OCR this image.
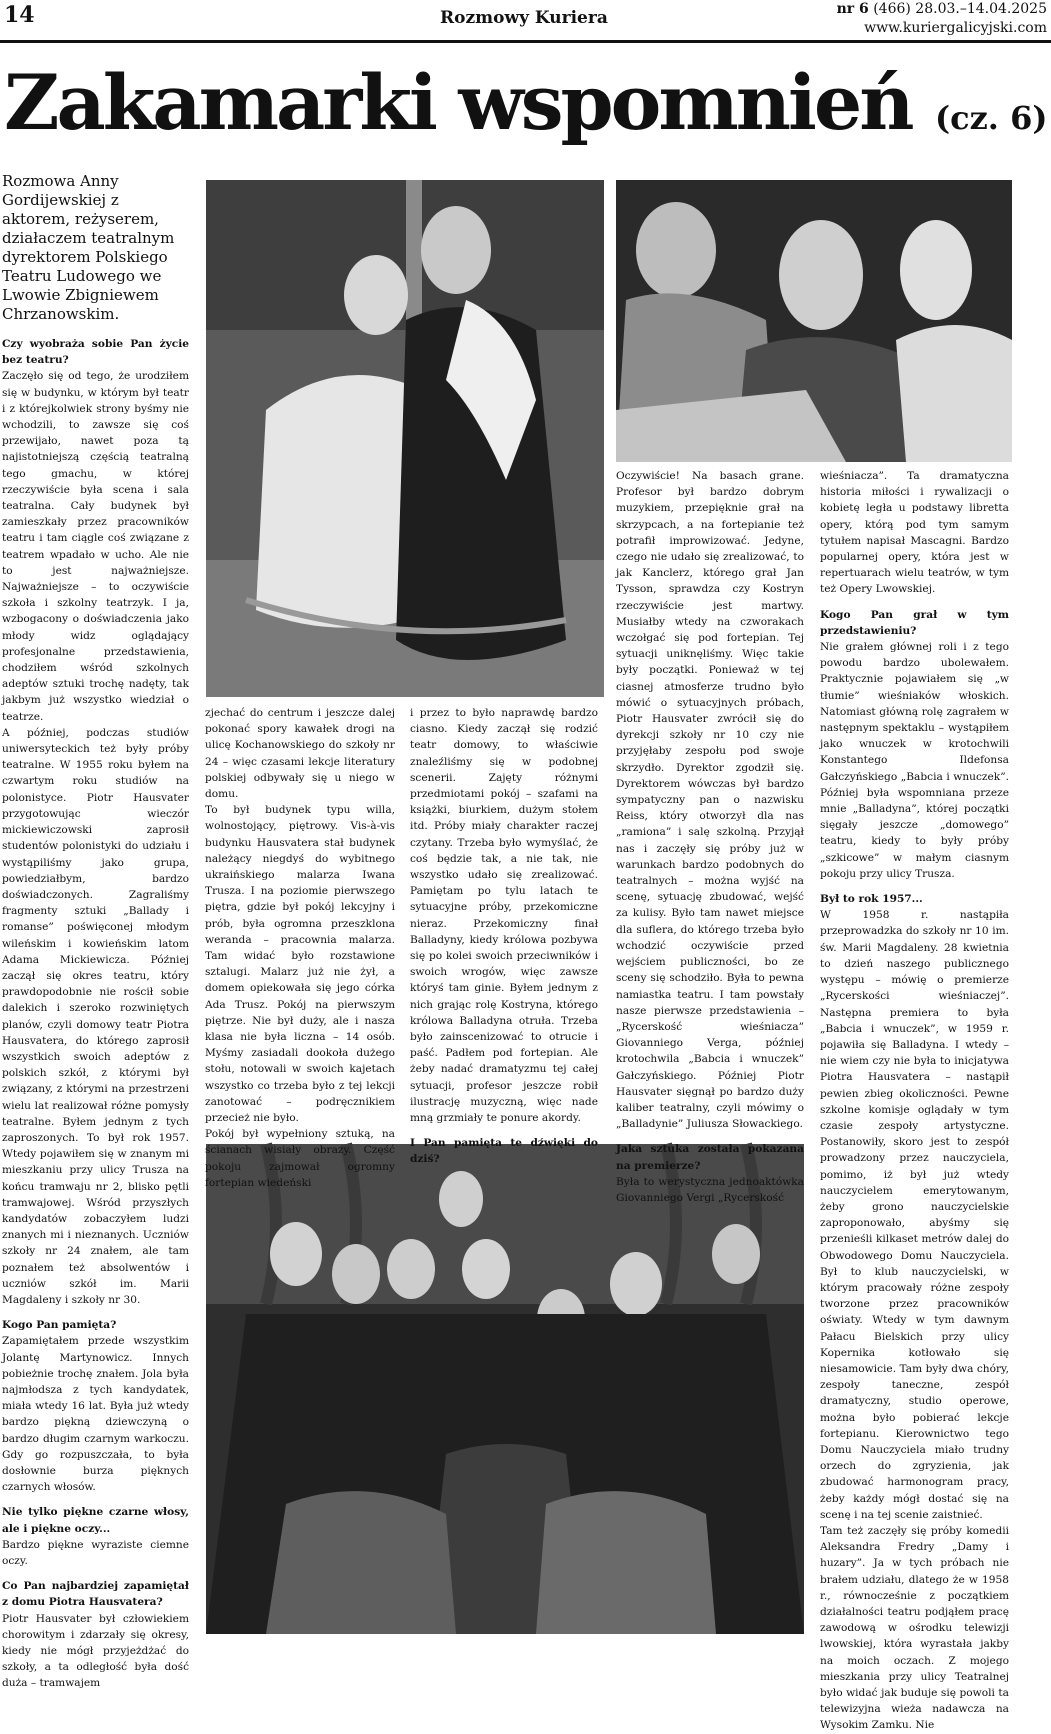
14	Rozmowy Kuriera	nr 6 (466) 28.03.–14.04.2025
www.kuriergalicyjski.com
Zakamarki wspomnień (cz. 6)
Rozmowa Anny Gordijewskiej z aktorem, reżyserem, działaczem teatralnym dyrektorem Polskiego Teatru Ludowego we Lwowie Zbigniewem Chrzanowskim.

Czy wyobraża sobie Pan życie bez teatru?

Zaczęło się od tego, że urodziłem się w budynku, w którym był teatr i z którejkolwiek strony byśmy nie wchodzili, to zawsze się coś przewijało, nawet poza tą najistotniejszą częścią teatralną tego gmachu, w której rzeczywiście była scena i sala teatralna. Cały budynek był zamieszkały przez pracowników teatru i tam ciągle coś związane z teatrem wpadało w ucho. Ale nie to jest najważniejsze. Najważniejsze – to oczywiście szkoła i szkolny teatrzyk. I ja, wzbogacony o doświadczenia jako młody widz oglądający profesjonalne przedstawienia, chodziłem wśród szkolnych adeptów sztuki trochę nadęty, tak jakbym już wszystko wiedział o teatrze.

A później, podczas studiów uniwersyteckich też były próby teatralne. W 1955 roku byłem na czwartym roku studiów na polonistyce. Piotr Hausvater przygotowując wieczór mickiewiczowski zaprosił studentów polonistyki do udziału i wystąpiliśmy jako grupa, powiedziałbym, bardzo doświadczonych. Zagraliśmy fragmenty sztuki „Ballady i romanse” poświęconej młodym wileńskim i kowieńskim latom Adama Mickiewicza. Później zaczął się okres teatru, który prawdopodobnie nie rościł sobie dalekich i szeroko rozwiniętych planów, czyli domowy teatr Piotra Hausvatera, do którego zaprosił wszystkich swoich adeptów z polskich szkół, z którymi był związany, z którymi na przestrzeni wielu lat realizował różne pomysły teatralne. Byłem jednym z tych zaproszonych. To był rok 1957. Wtedy pojawiłem się w znanym mi mieszkaniu przy ulicy Trusza na końcu tramwaju nr 2, blisko pętli tramwajowej. Wśród przyszłych kandydatów zobaczyłem ludzi znanych mi i nieznanych. Uczniów szkoły nr 24 znałem, ale tam poznałem też absolwentów i uczniów szkół im. Marii Magdaleny i szkoły nr 30.

Kogo Pan pamięta?

Zapamiętałem przede wszystkim Jolantę Martynowicz. Innych pobieżnie trochę znałem. Jola była najmłodsza z tych kandydatek, miała wtedy 16 lat. Była już wtedy bardzo piękną dziewczyną o bardzo długim czarnym warkoczu. Gdy go rozpuszczała, to była dosłownie burza pięknych czarnych włosów.

Nie tylko piękne czarne włosy, ale i piękne oczy...

Bardzo piękne wyraziste ciemne oczy.

Co Pan najbardziej zapamiętał z domu Piotra Hausvatera?

Piotr Hausvater był człowiekiem chorowitym i zdarzały się okresy, kiedy nie mógł przyjeżdżać do szkoły, a ta odległość była dość duża – tramwajem

zjechać do centrum i jeszcze dalej pokonać spory kawałek drogi na ulicę Kochanowskiego do szkoły nr 24 – więc czasami lekcje literatury polskiej odbywały się u niego w domu.

To był budynek typu willa, wolnostojący, piętrowy. Vis-à-vis budynku Hausvatera stał budynek należący niegdyś do wybitnego ukraińskiego malarza Iwana Trusza. I na poziomie pierwszego piętra, gdzie był pokój lekcyjny i prób, była ogromna przeszklona weranda – pracownia malarza. Tam widać było rozstawione sztalugi. Malarz już nie żył, a domem opiekowała się jego córka Ada Trusz. Pokój na pierwszym piętrze. Nie był duży, ale i nasza klasa nie była liczna – 14 osób. Myśmy zasiadali dookoła dużego stołu, notowali w swoich kajetach wszystko co trzeba było z tej lekcji zanotować – podręcznikiem przecież nie było.

Pokój był wypełniony sztuką, na ścianach wisiały obrazy. Część pokoju zajmował ogromny fortepian wiedeński

i przez to było naprawdę bardzo ciasno. Kiedy zaczął się rodzić teatr domowy, to właściwie znaleźliśmy się w podobnej scenerii. Zajęty różnymi przedmiotami pokój – szafami na książki, biurkiem, dużym stołem itd. Próby miały charakter raczej czytany. Trzeba było wymyślać, że coś będzie tak, a nie tak, nie wszystko udało się zrealizować. Pamiętam po tylu latach te sytuacyjne próby, przekomiczne nieraz. Przekomiczny finał Balladyny, kiedy królowa pozbywa się po kolei swoich przeciwników i swoich wrogów, więc zawsze któryś tam ginie. Byłem jednym z nich grając rolę Kostryna, którego królowa Balladyna otruła. Trzeba było zainscenizować to otrucie i paść. Padłem pod fortepian. Ale żeby nadać dramatyzmu tej całej sytuacji, profesor jeszcze robił ilustrację muzyczną, więc nade mną grzmiały te ponure akordy.

I Pan pamięta te dźwięki do dziś?

Oczywiście! Na basach grane. Profesor był bardzo dobrym muzykiem, przepięknie grał na skrzypcach, a na fortepianie też potrafił improwizować. Jedyne, czego nie udało się zrealizować, to jak Kanclerz, którego grał Jan Tysson, sprawdza czy Kostryn rzeczywiście jest martwy. Musiałby wtedy na czworakach wczołgać się pod fortepian. Tej sytuacji uniknęliśmy. Więc takie były początki. Ponieważ w tej ciasnej atmosferze trudno było mówić o sytuacyjnych próbach, Piotr Hausvater zwrócił się do dyrekcji szkoły nr 10 czy nie przyjęłaby zespołu pod swoje skrzydło. Dyrektor zgodził się. Dyrektorem wówczas był bardzo sympatyczny pan o nazwisku Reiss, który otworzył dla nas „ramiona” i salę szkolną. Przyjął nas i zaczęły się próby już w warunkach bardzo podobnych do teatralnych – można wyjść na scenę, sytuację zbudować, wejść za kulisy. Było tam nawet miejsce dla suflera, do którego trzeba było wchodzić oczywiście przed wejściem publiczności, bo ze sceny się schodziło. Była to pewna namiastka teatru. I tam powstały nasze pierwsze przedstawienia – „Rycerskość wieśniacza” Giovanniego Verga, później krotochwila „Babcia i wnuczek” Gałczyńskiego. Później Piotr Hausvater sięgnął po bardzo duży kaliber teatralny, czyli mówimy o „Balladynie” Juliusza Słowackiego.

Jaka sztuka została pokazana na premierze?

Była to werystyczna jednoaktówka Giovanniego Vergi „Rycerskość

wieśniacza”. Ta dramatyczna historia miłości i rywalizacji o kobietę legła u podstawy libretta opery, którą pod tym samym tytułem napisał Mascagni. Bardzo popularnej opery, która jest w repertuarach wielu teatrów, w tym też Opery Lwowskiej.

Kogo Pan grał w tym przedstawieniu?

Nie grałem głównej roli i z tego powodu bardzo ubolewałem. Praktycznie pojawiałem się „w tłumie” wieśniaków włoskich. Natomiast główną rolę zagrałem w następnym spektaklu – wystąpiłem jako wnuczek w krotochwili Konstantego Ildefonsa Gałczyńskiego „Babcia i wnuczek”. Później była wspomniana przeze mnie „Balladyna”, której początki sięgały jeszcze „domowego” teatru, kiedy to były próby „szkicowe” w małym ciasnym pokoju przy ulicy Trusza.

Był to rok 1957...

W 1958 r. nastąpiła przeprowadzka do szkoły nr 10 im. św. Marii Magdaleny. 28 kwietnia to dzień naszego publicznego występu – mówię o premierze „Rycerskości wieśniaczej”. Następna premiera to była „Babcia i wnuczek”, w 1959 r. pojawiła się Balladyna. I wtedy – nie wiem czy nie była to inicjatywa Piotra Hausvatera – nastąpił pewien zbieg okoliczności. Pewne szkolne komisje oglądały w tym czasie zespoły artystyczne. Postanowiły, skoro jest to zespół prowadzony przez nauczyciela, pomimo, iż był już wtedy nauczycielem emerytowanym, żeby grono nauczycielskie zaproponowało, abyśmy się przenieśli kilkaset metrów dalej do Obwodowego Domu Nauczyciela. Był to klub nauczycielski, w którym pracowały różne zespoły tworzone przez pracowników oświaty. Wtedy w tym dawnym Pałacu Bielskich przy ulicy Kopernika kotłowało się niesamowicie. Tam były dwa chóry, zespoły taneczne, zespół dramatyczny, studio operowe, można było pobierać lekcje fortepianu. Kierownictwo tego Domu Nauczyciela miało trudny orzech do zgryzienia, jak zbudować harmonogram pracy, żeby każdy mógł dostać się na scenę i na tej scenie zaistnieć.

Tam też zaczęły się próby komedii Aleksandra Fredry „Damy i huzary”. Ja w tych próbach nie brałem udziału, dlatego że w 1958 r., równocześnie z początkiem działalności teatru podjąłem pracę zawodową w ośrodku telewizji lwowskiej, która wyrastała jakby na moich oczach. Z mojego mieszkania przy ulicy Teatralnej było widać jak buduje się powoli ta telewizyjna wieża nadawcza na Wysokim Zamku. Nie
